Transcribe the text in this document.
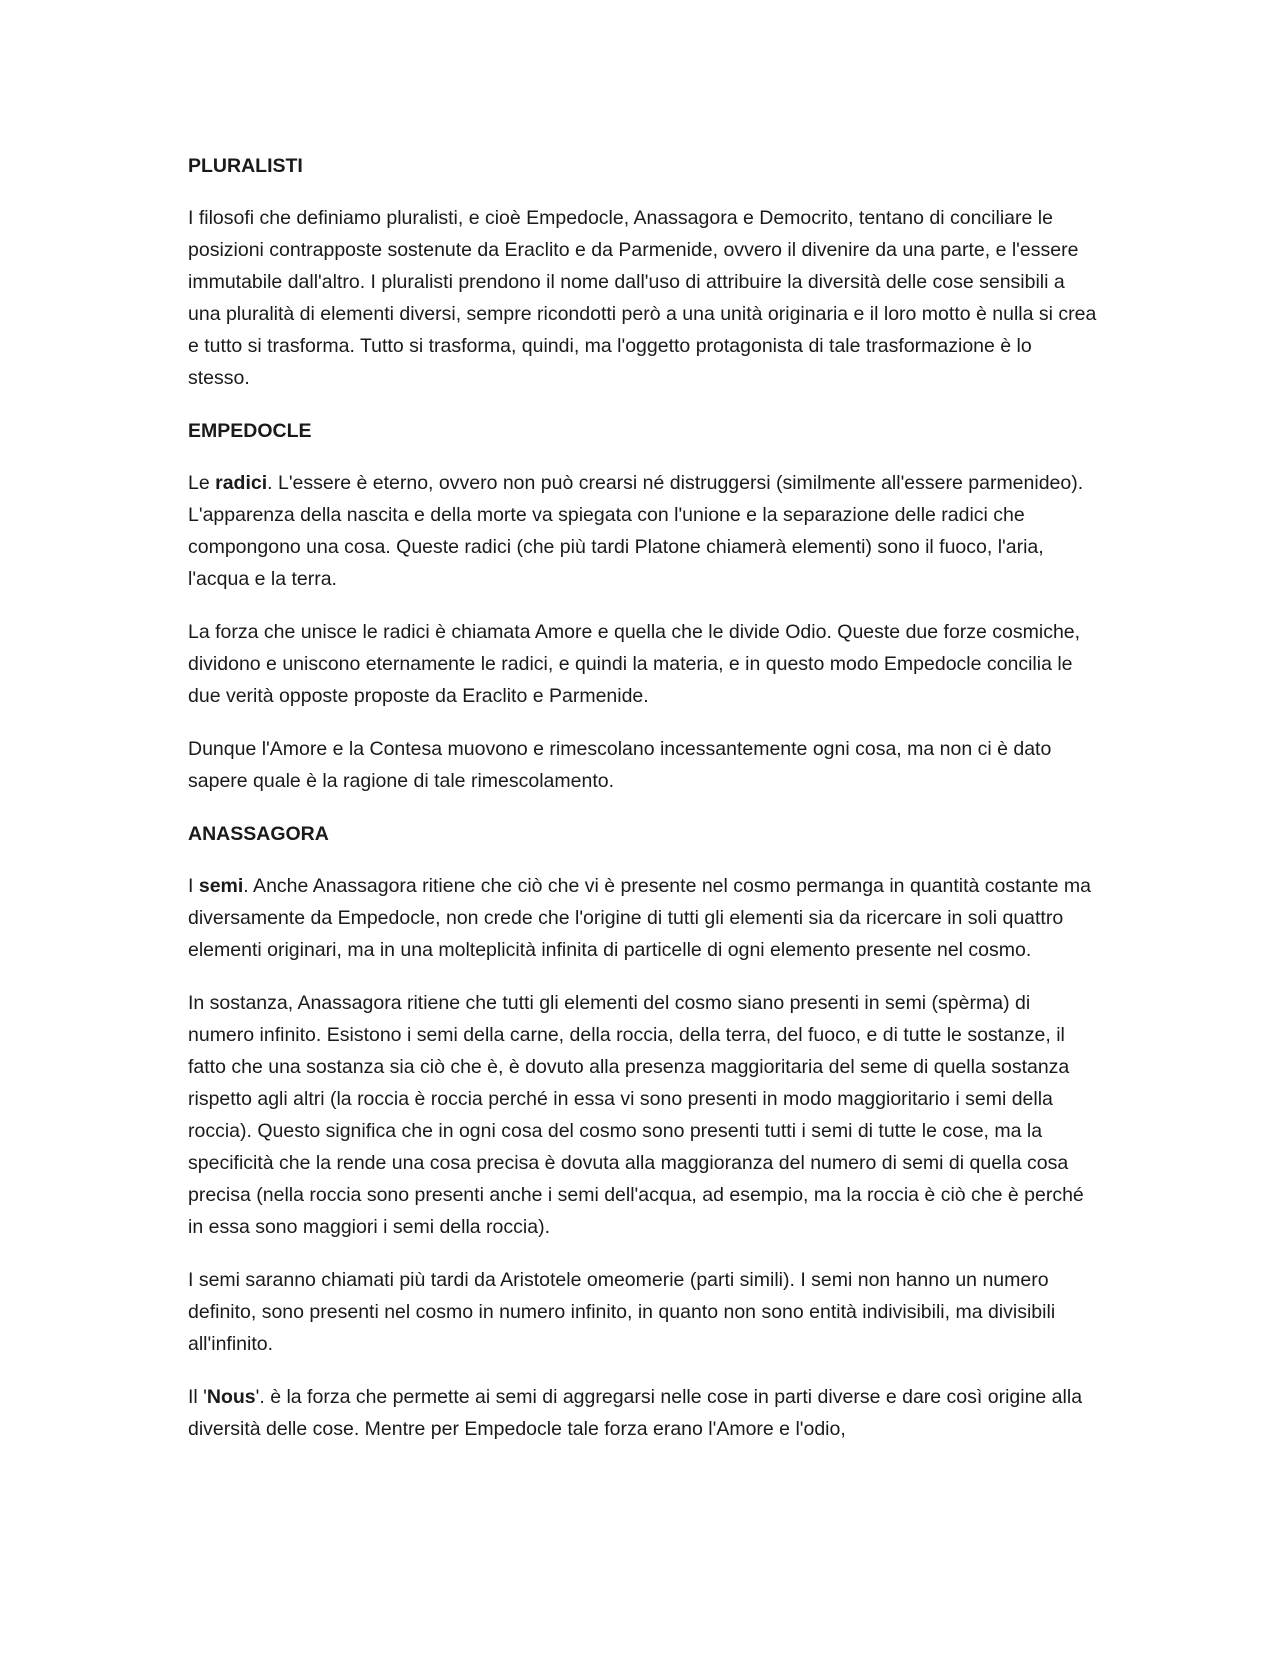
PLURALISTI

I filosofi che definiamo pluralisti, e cioè Empedocle, Anassagora e Democrito, tentano di conciliare le posizioni contrapposte sostenute da Eraclito e da Parmenide, ovvero il divenire da una parte, e l'essere immutabile dall'altro. I pluralisti prendono il nome dall'uso di attribuire la diversità delle cose sensibili a una pluralità di elementi diversi, sempre ricondotti però a una unità originaria e il loro motto è nulla si crea e tutto si trasforma. Tutto si trasforma, quindi, ma l'oggetto protagonista di tale trasformazione è lo stesso.

EMPEDOCLE

Le radici. L'essere è eterno, ovvero non può crearsi né distruggersi (similmente all'essere parmenideo). L'apparenza della nascita e della morte va spiegata con l'unione e la separazione delle radici che compongono una cosa. Queste radici (che più tardi Platone chiamerà elementi) sono il fuoco, l'aria, l'acqua e la terra.

La forza che unisce le radici è chiamata Amore e quella che le divide Odio. Queste due forze cosmiche, dividono e uniscono eternamente le radici, e quindi la materia, e in questo modo Empedocle concilia le due verità opposte proposte da Eraclito e Parmenide.

Dunque l'Amore e la Contesa muovono e rimescolano incessantemente ogni cosa, ma non ci è dato sapere quale è la ragione di tale rimescolamento.

ANASSAGORA

I semi. Anche Anassagora ritiene che ciò che vi è presente nel cosmo permanga in quantità costante ma diversamente da Empedocle, non crede che l'origine di tutti gli elementi sia da ricercare in soli quattro elementi originari, ma in una molteplicità infinita di particelle di ogni elemento presente nel cosmo.

In sostanza, Anassagora ritiene che tutti gli elementi del cosmo siano presenti in semi (spèrma) di numero infinito. Esistono i semi della carne, della roccia, della terra, del fuoco, e di tutte le sostanze, il fatto che una sostanza sia ciò che è, è dovuto alla presenza maggioritaria del seme di quella sostanza rispetto agli altri (la roccia è roccia perché in essa vi sono presenti in modo maggioritario i semi della roccia). Questo significa che in ogni cosa del cosmo sono presenti tutti i semi di tutte le cose, ma la specificità che la rende una cosa precisa è dovuta alla maggioranza del numero di semi di quella cosa precisa (nella roccia sono presenti anche i semi dell'acqua, ad esempio, ma la roccia è ciò che è perché in essa sono maggiori i semi della roccia).

I semi saranno chiamati più tardi da Aristotele omeomerie (parti simili). I semi non hanno un numero definito, sono presenti nel cosmo in numero infinito, in quanto non sono entità indivisibili, ma divisibili all'infinito.

Il 'Nous'. è la forza che permette ai semi di aggregarsi nelle cose in parti diverse e dare così origine alla diversità delle cose. Mentre per Empedocle tale forza erano l'Amore e l'odio,
